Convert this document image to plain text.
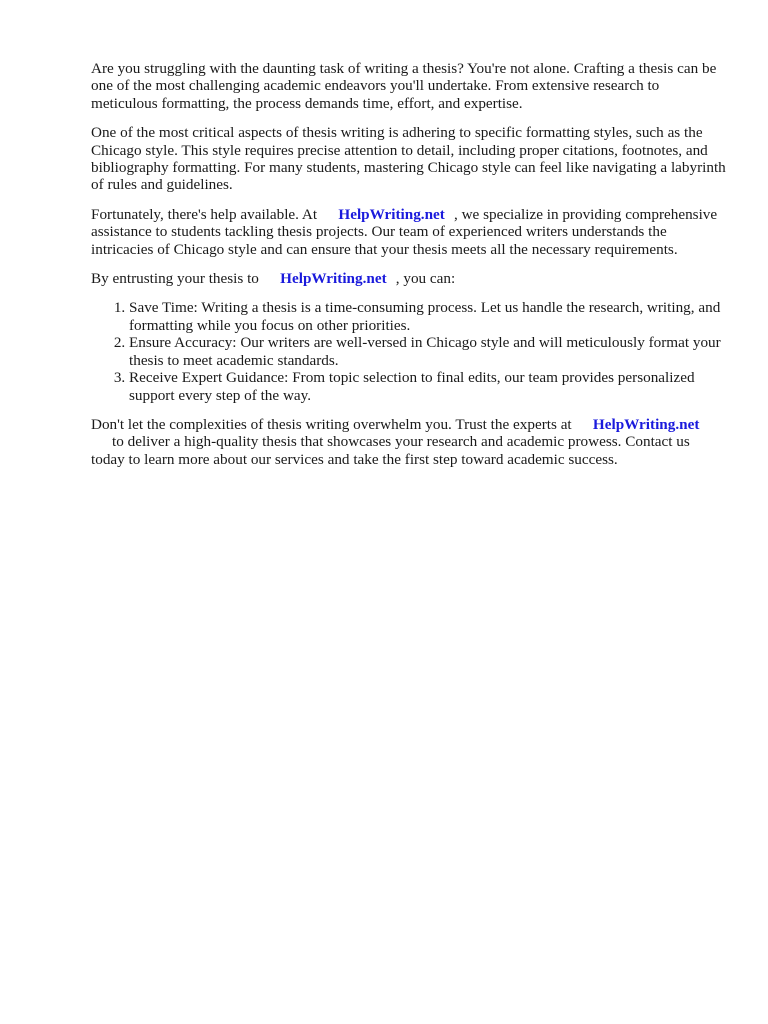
Are you struggling with the daunting task of writing a thesis? You're not alone. Crafting a thesis can be one of the most challenging academic endeavors you'll undertake. From extensive research to meticulous formatting, the process demands time, effort, and expertise.

One of the most critical aspects of thesis writing is adhering to specific formatting styles, such as the Chicago style. This style requires precise attention to detail, including proper citations, footnotes, and bibliography formatting. For many students, mastering Chicago style can feel like navigating a labyrinth of rules and guidelines.

Fortunately, there's help available. At HelpWriting.net , we specialize in providing comprehensive assistance to students tackling thesis projects. Our team of experienced writers understands the intricacies of Chicago style and can ensure that your thesis meets all the necessary requirements.

By entrusting your thesis to HelpWriting.net , you can:

1. Save Time: Writing a thesis is a time-consuming process. Let us handle the research, writing, and formatting while you focus on other priorities.
2. Ensure Accuracy: Our writers are well-versed in Chicago style and will meticulously format your thesis to meet academic standards.
3. Receive Expert Guidance: From topic selection to final edits, our team provides personalized support every step of the way.

Don't let the complexities of thesis writing overwhelm you. Trust the experts at HelpWriting.net
to deliver a high-quality thesis that showcases your research and academic prowess. Contact us today to learn more about our services and take the first step toward academic success.
